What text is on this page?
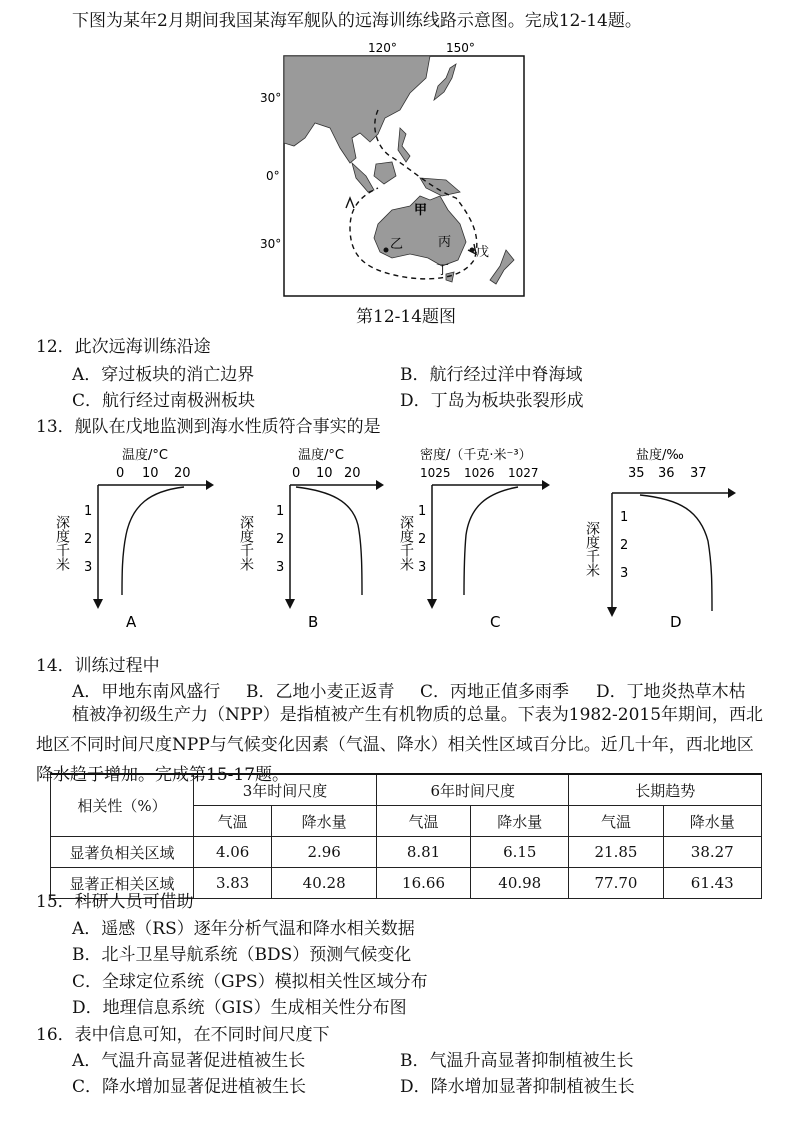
下图为某年2月期间我国某海军舰队的远海训练线路示意图。完成12-14题。
120°	150°
30°
0°
30°
甲
乙	丙
丁
戊
第12-14题图
12．此次远海训练沿途
A．穿过板块的消亡边界	B．航行经过洋中脊海域
C．航行经过南极洲板块	D．丁岛为板块张裂形成
13．舰队在戊地监测到海水性质符合事实的是
温度/°C
0 10 20
1
2
3
深度千米
A
温度/°C
0 10 20
1
2
3
深度千米
B
密度/（千克·米⁻³）
1025 1026 1027
1
2
3
深度千米
C
盐度/‰
35 36 37
1
2
3
深度千米
D
14．训练过程中
A．甲地东南风盛行 B．乙地小麦正返青 C．丙地正值多雨季 D．丁地炎热草木枯
植被净初级生产力（NPP）是指植被产生有机物质的总量。下表为1982-2015年期间，西北地区不同时间尺度NPP与气候变化因素（气温、降水）相关性区域百分比。近几十年，西北地区降水趋于增加。完成第15-17题。
相关性（%）	3年时间尺度		6年时间尺度		长期趋势	
	气温	降水量	气温	降水量	气温	降水量
显著负相关区域	4.06	2.96	8.81	6.15	21.85	38.27
显著正相关区域	3.83	40.28	16.66	40.98	77.70	61.43
15．科研人员可借助
A．遥感（RS）逐年分析气温和降水相关数据
B．北斗卫星导航系统（BDS）预测气候变化
C．全球定位系统（GPS）模拟相关性区域分布
D．地理信息系统（GIS）生成相关性分布图
16．表中信息可知，在不同时间尺度下
A．气温升高显著促进植被生长	B．气温升高显著抑制植被生长
C．降水增加显著促进植被生长	D．降水增加显著抑制植被生长
